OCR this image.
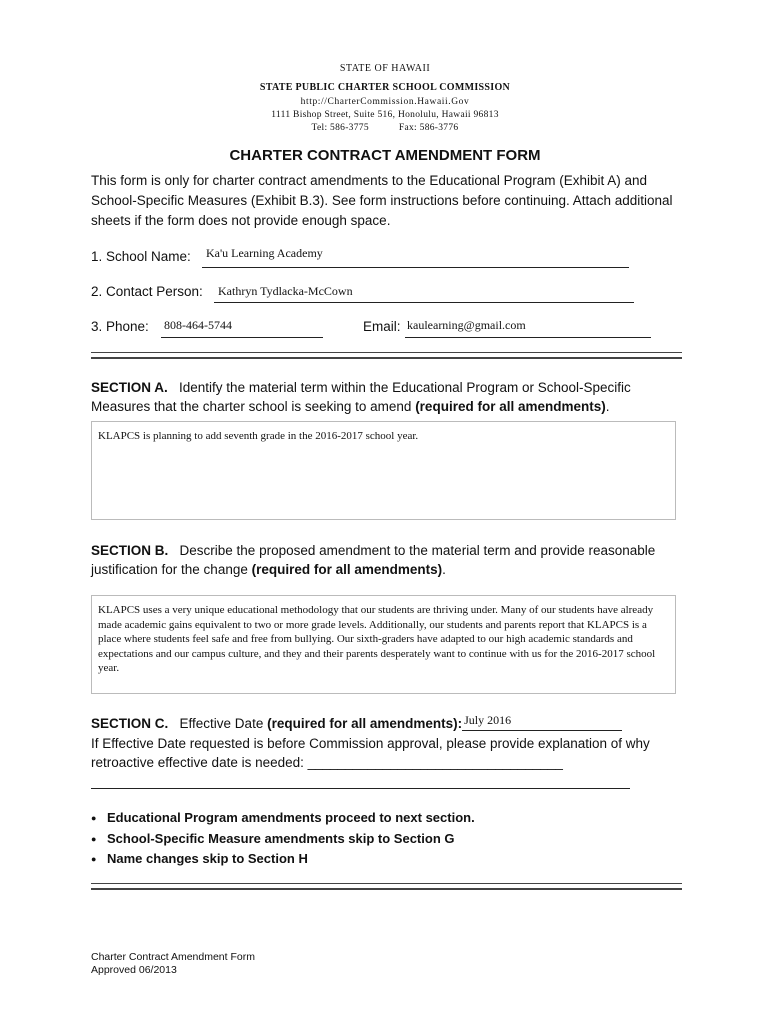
STATE OF HAWAII
STATE PUBLIC CHARTER SCHOOL COMMISSION
http://CharterCommission.Hawaii.Gov
1111 Bishop Street, Suite 516, Honolulu, Hawaii 96813
Tel: 586-3775	Fax: 586-3776
CHARTER CONTRACT AMENDMENT FORM
This form is only for charter contract amendments to the Educational Program (Exhibit A) and School-Specific Measures (Exhibit B.3). See form instructions before continuing. Attach additional sheets if the form does not provide enough space.
1. School Name: Ka'u Learning Academy
2. Contact Person: Kathryn Tydlacka-McCown
3. Phone: 808-464-5744	Email: kaulearning@gmail.com
SECTION A. Identify the material term within the Educational Program or School-Specific Measures that the charter school is seeking to amend (required for all amendments).
KLAPCS is planning to add seventh grade in the 2016-2017 school year.
SECTION B. Describe the proposed amendment to the material term and provide reasonable justification for the change (required for all amendments).
KLAPCS uses a very unique educational methodology that our students are thriving under. Many of our students have already made academic gains equivalent to two or more grade levels. Additionally, our students and parents report that KLAPCS is a place where students feel safe and free from bullying. Our sixth-graders have adapted to our high academic standards and expectations and our campus culture, and they and their parents desperately want to continue with us for the 2016-2017 school year.
SECTION C. Effective Date (required for all amendments): July 2016
If Effective Date requested is before Commission approval, please provide explanation of why
retroactive effective date is needed: __________________________________
● Educational Program amendments proceed to next section.
● School-Specific Measure amendments skip to Section G
● Name changes skip to Section H
Charter Contract Amendment Form
Approved 06/2013
